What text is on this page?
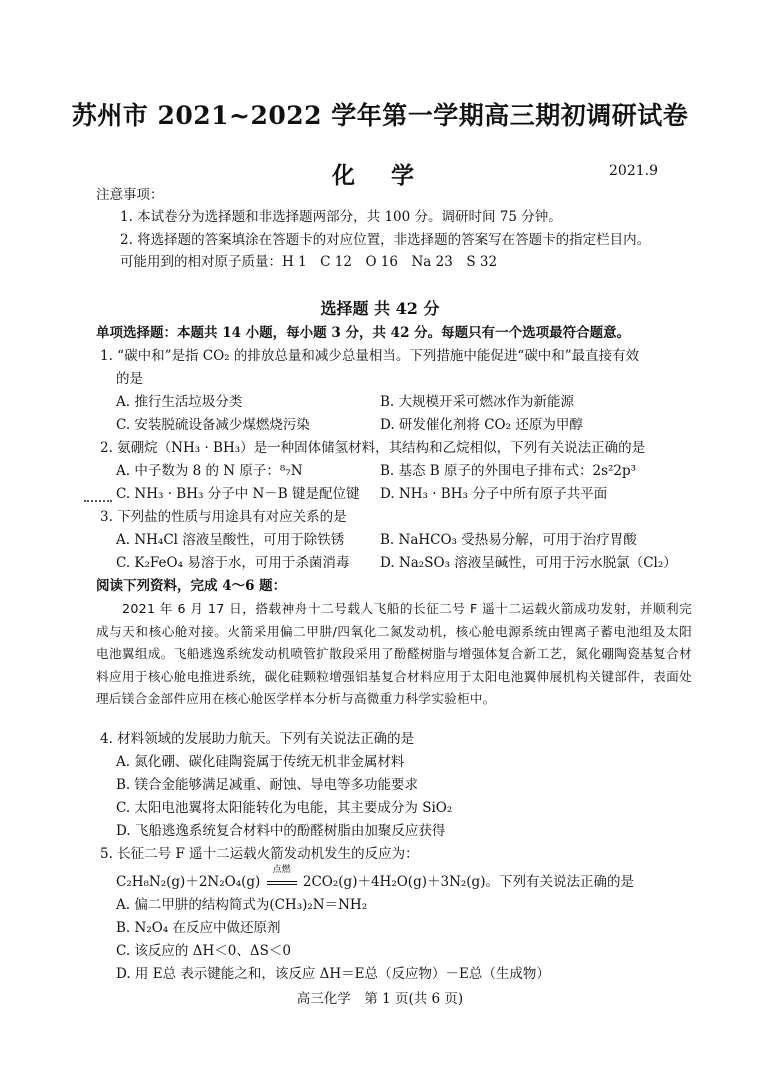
苏州市 2021~2022 学年第一学期高三期初调研试卷
化 学	2021.9
注意事项：
1. 本试卷分为选择题和非选择题两部分，共 100 分。调研时间 75 分钟。
2. 将选择题的答案填涂在答题卡的对应位置，非选择题的答案写在答题卡的指定栏目内。
可能用到的相对原子质量：H 1　C 12　O 16　Na 23　S 32
选择题 共 42 分
单项选择题：本题共 14 小题，每小题 3 分，共 42 分。每题只有一个选项最符合题意。
1. “碳中和”是指 CO₂ 的排放总量和减少总量相当。下列措施中能促进“碳中和”最直接有效
的是
A. 推行生活垃圾分类	B. 大规模开采可燃冰作为新能源
C. 安装脱硫设备减少煤燃烧污染	D. 研发催化剂将 CO₂ 还原为甲醇
2. 氨硼烷（NH₃ · BH₃）是一种固体储氢材料，其结构和乙烷相似，下列有关说法正确的是
A. 中子数为 8 的 N 原子：⁸₇N	B. 基态 B 原子的外围电子排布式：2s²2p³
C. NH₃ · BH₃ 分子中 N－B 键是配位键 D. NH₃ · BH₃ 分子中所有原子共平面
3. 下列盐的性质与用途具有对应关系的是
A. NH₄Cl 溶液呈酸性，可用于除铁锈	B. NaHCO₃ 受热易分解，可用于治疗胃酸
C. K₂FeO₄ 易溶于水，可用于杀菌消毒 D. Na₂SO₃ 溶液呈碱性，可用于污水脱氯（Cl₂）
阅读下列资料，完成 4～6 题：
2021 年 6 月 17 日，搭载神舟十二号载人飞船的长征二号 F 遥十二运载火箭成功发射，并顺利完成与天和核心舱对接。火箭采用偏二甲肼/四氧化二氮发动机，核心舱电源系统由锂离子蓄电池组及太阳电池翼组成。飞船逃逸系统发动机喷管扩散段采用了酚醛树脂与增强体复合新工艺，氮化硼陶瓷基复合材料应用于核心舱电推进系统，碳化硅颗粒增强铝基复合材料应用于太阳电池翼伸展机构关键部件，表面处理后镁合金部件应用在核心舱医学样本分析与高微重力科学实验柜中。
4. 材料领域的发展助力航天。下列有关说法正确的是
A. 氮化硼、碳化硅陶瓷属于传统无机非金属材料
B. 镁合金能够满足减重、耐蚀、导电等多功能要求
C. 太阳电池翼将太阳能转化为电能，其主要成分为 SiO₂
D. 飞船逃逸系统复合材料中的酚醛树脂由加聚反应获得
5. 长征二号 F 遥十二运载火箭发动机发生的反应为：
C₂H₈N₂(g)＋2N₂O₄(g)
点燃
2CO₂(g)＋4H₂O(g)＋3N₂(g)。下列有关说法正确的是
A. 偏二甲肼的结构简式为(CH₃)₂N＝NH₂
B. N₂O₄ 在反应中做还原剂
C. 该反应的 ΔH＜0、ΔS＜0
D. 用 E总 表示键能之和，该反应 ΔH＝E总（反应物）－E总（生成物）
高三化学　第 1 页(共 6 页)
